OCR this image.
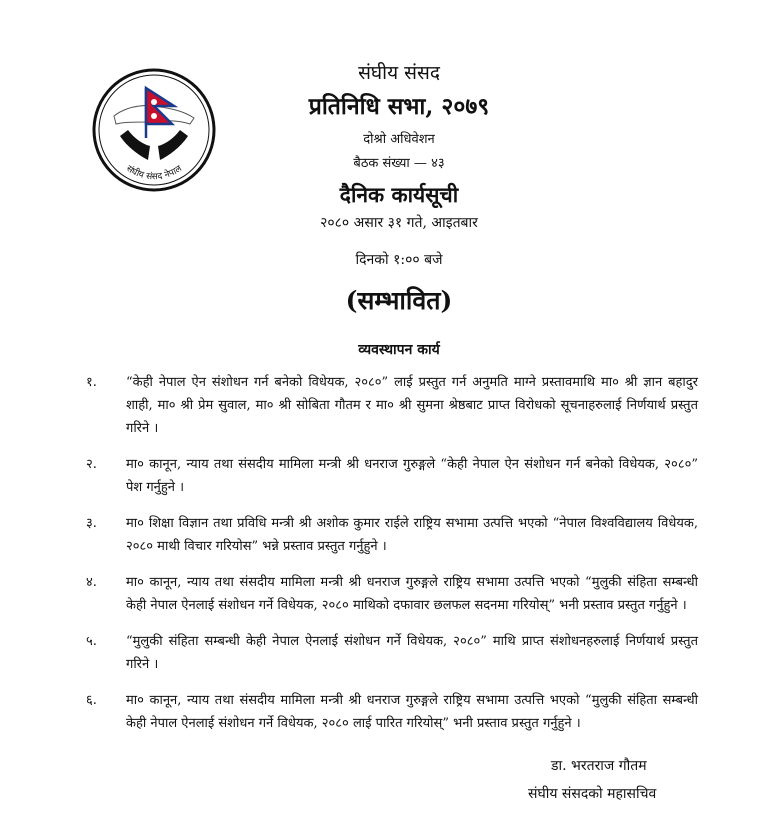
संघीय संसद नेपाल
संघीय संसद
प्रतिनिधि सभा, २०७९
दोश्रो अधिवेशन
बैठक संख्या — ४३
दैनिक कार्यसूची
२०८० असार ३१ गते, आइतबार
दिनको १:०० बजे
(सम्भावित)
व्यवस्थापन कार्य
१.	“केही नेपाल ऐन संशोधन गर्न बनेको विधेयक, २०८०” लाई प्रस्तुत गर्न अनुमति माग्ने प्रस्तावमाथि मा० श्री ज्ञान बहादुर शाही, मा० श्री प्रेम सुवाल, मा० श्री सोबिता गौतम र मा० श्री सुमना श्रेष्ठबाट प्राप्त विरोधको सूचनाहरुलाई निर्णयार्थ प्रस्तुत गरिने ।
२.	मा० कानून, न्याय तथा संसदीय मामिला मन्त्री श्री धनराज गुरुङ्गले “केही नेपाल ऐन संशोधन गर्न बनेको विधेयक, २०८०” पेश गर्नुहुने ।
३.	मा० शिक्षा विज्ञान तथा प्रविधि मन्त्री श्री अशोक कुमार राईले राष्ट्रिय सभामा उत्पत्ति भएको “नेपाल विश्वविद्यालय विधेयक, २०८० माथी विचार गरियोस” भन्ने प्रस्ताव प्रस्तुत गर्नुहुने ।
४.	मा० कानून, न्याय तथा संसदीय मामिला मन्त्री श्री धनराज गुरुङ्गले राष्ट्रिय सभामा उत्पत्ति भएको “मुलुकी संहिता सम्बन्धी केही नेपाल ऐनलाई संशोधन गर्ने विधेयक, २०८० माथिको दफावार छलफल सदनमा गरियोस्” भनी प्रस्ताव प्रस्तुत गर्नुहुने ।
५.	“मुलुकी संहिता सम्बन्धी केही नेपाल ऐनलाई संशोधन गर्ने विधेयक, २०८०” माथि प्राप्त संशोधनहरुलाई निर्णयार्थ प्रस्तुत गरिने ।
६.	मा० कानून, न्याय तथा संसदीय मामिला मन्त्री श्री धनराज गुरुङ्गले राष्ट्रिय सभामा उत्पत्ति भएको “मुलुकी संहिता सम्बन्धी केही नेपाल ऐनलाई संशोधन गर्ने विधेयक, २०८० लाई पारित गरियोस्” भनी प्रस्ताव प्रस्तुत गर्नुहुने ।
डा. भरतराज गौतम
संघीय संसदको महासचिव
